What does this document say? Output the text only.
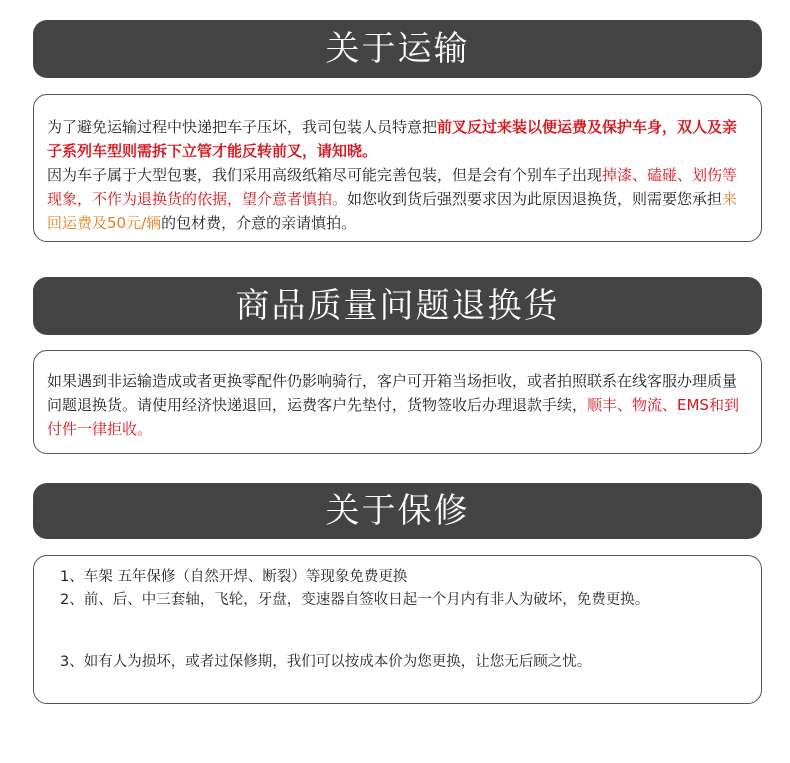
关于运输

为了避免运输过程中快递把车子压坏，我司包装人员特意把前叉反过来装以便运费及保护车身，双人及亲子系列车型则需拆下立管才能反转前叉，请知晓。

因为车子属于大型包裹，我们采用高级纸箱尽可能完善包装，但是会有个别车子出现掉漆、磕碰、划伤等现象，不作为退换货的依据，望介意者慎拍。如您收到货后强烈要求因为此原因退换货，则需要您承担来回运费及50元/辆的包材费，介意的亲请慎拍。

商品质量问题退换货

如果遇到非运输造成或者更换零配件仍影响骑行，客户可开箱当场拒收，或者拍照联系在线客服办理质量问题退换货。请使用经济快递退回，运费客户先垫付，货物签收后办理退款手续，顺丰、物流、EMS和到付件一律拒收。

关于保修

1、车架 五年保修（自然开焊、断裂）等现象免费更换

2、前、后、中三套轴，飞轮，牙盘，变速器自签收日起一个月内有非人为破坏，免费更换。

3、如有人为损坏，或者过保修期，我们可以按成本价为您更换，让您无后顾之忧。
